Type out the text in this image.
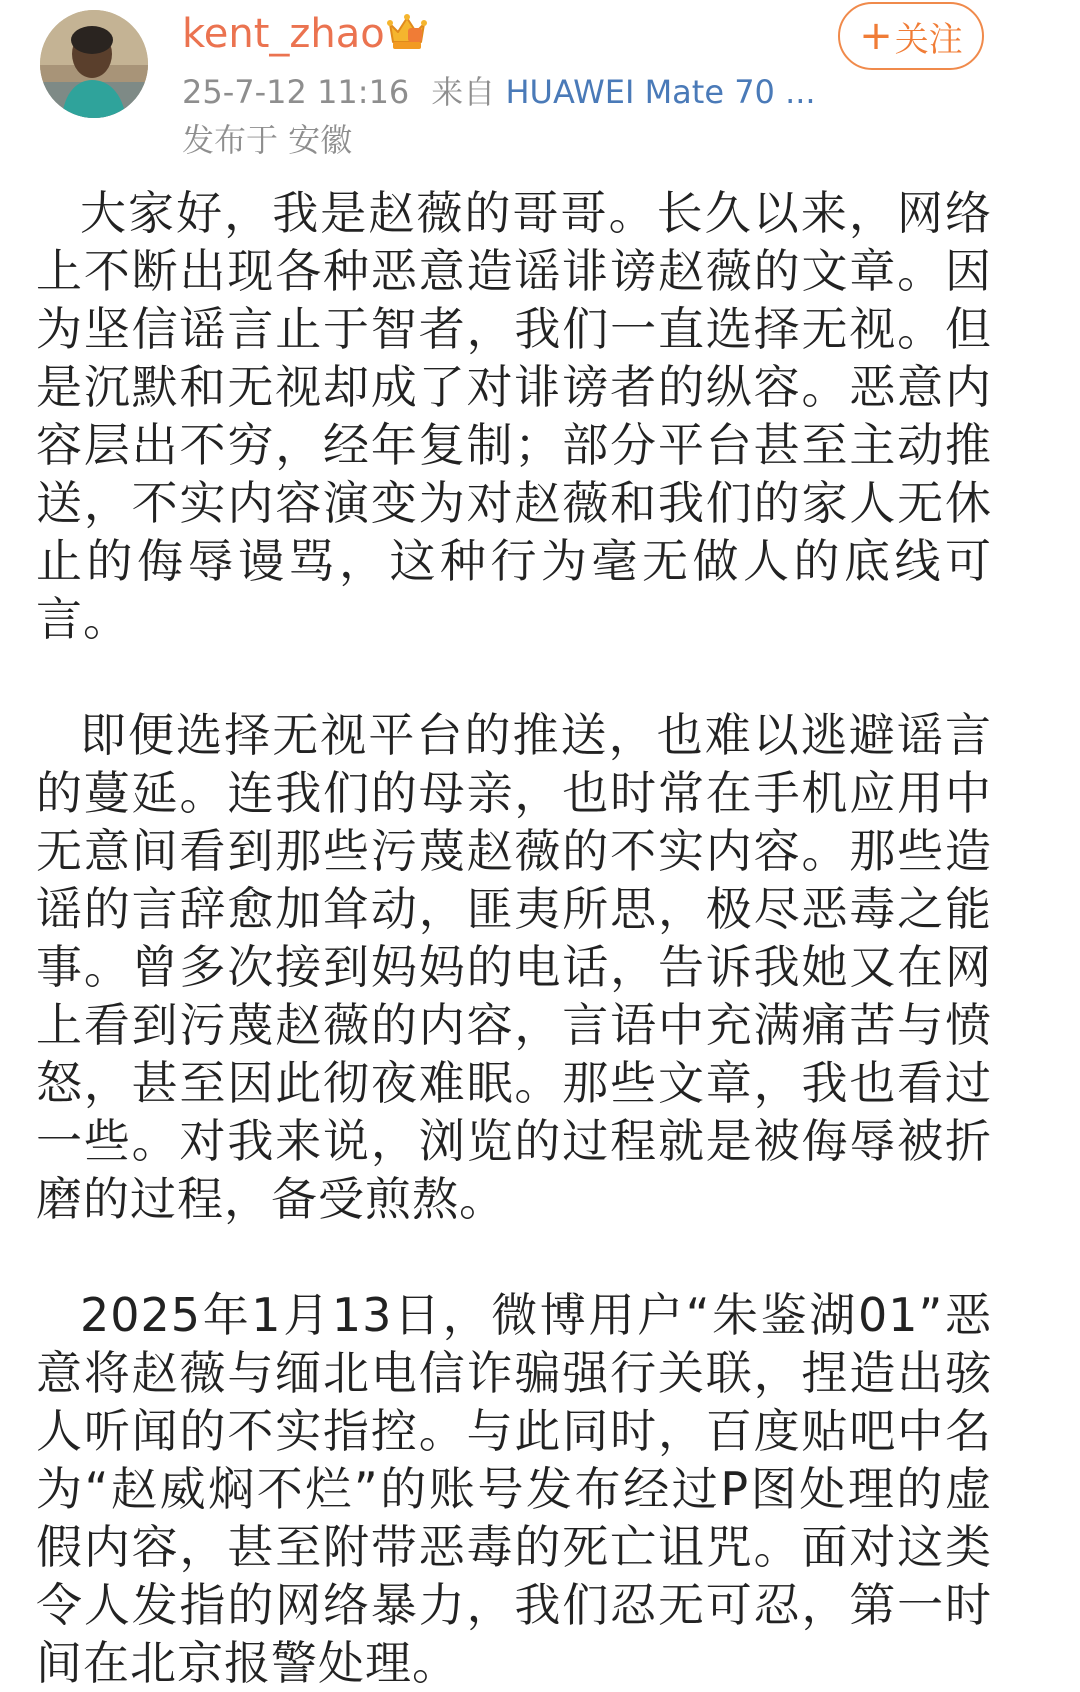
kent_zhao
25-7-12 11:16 来自 HUAWEI Mate 70 ...
发布于 安徽
+ 关注

大家好，我是赵薇的哥哥。长久以来，网络上不断出现各种恶意造谣诽谤赵薇的文章。因为坚信谣言止于智者，我们一直选择无视。但是沉默和无视却成了对诽谤者的纵容。恶意内容层出不穷，经年复制；部分平台甚至主动推送，不实内容演变为对赵薇和我们的家人无休止的侮辱谩骂，这种行为毫无做人的底线可言。

即便选择无视平台的推送，也难以逃避谣言的蔓延。连我们的母亲，也时常在手机应用中无意间看到那些污蔑赵薇的不实内容。那些造谣的言辞愈加耸动，匪夷所思，极尽恶毒之能事。曾多次接到妈妈的电话，告诉我她又在网上看到污蔑赵薇的内容，言语中充满痛苦与愤怒，甚至因此彻夜难眠。那些文章，我也看过一些。对我来说，浏览的过程就是被侮辱被折磨的过程，备受煎熬。

2025年1月13日，微博用户“朱鉴湖01”恶意将赵薇与缅北电信诈骗强行关联，捏造出骇人听闻的不实指控。与此同时，百度贴吧中名为“赵威焖不烂”的账号发布经过P图处理的虚假内容，甚至附带恶毒的死亡诅咒。面对这类令人发指的网络暴力，我们忍无可忍，第一时间在北京报警处理。
